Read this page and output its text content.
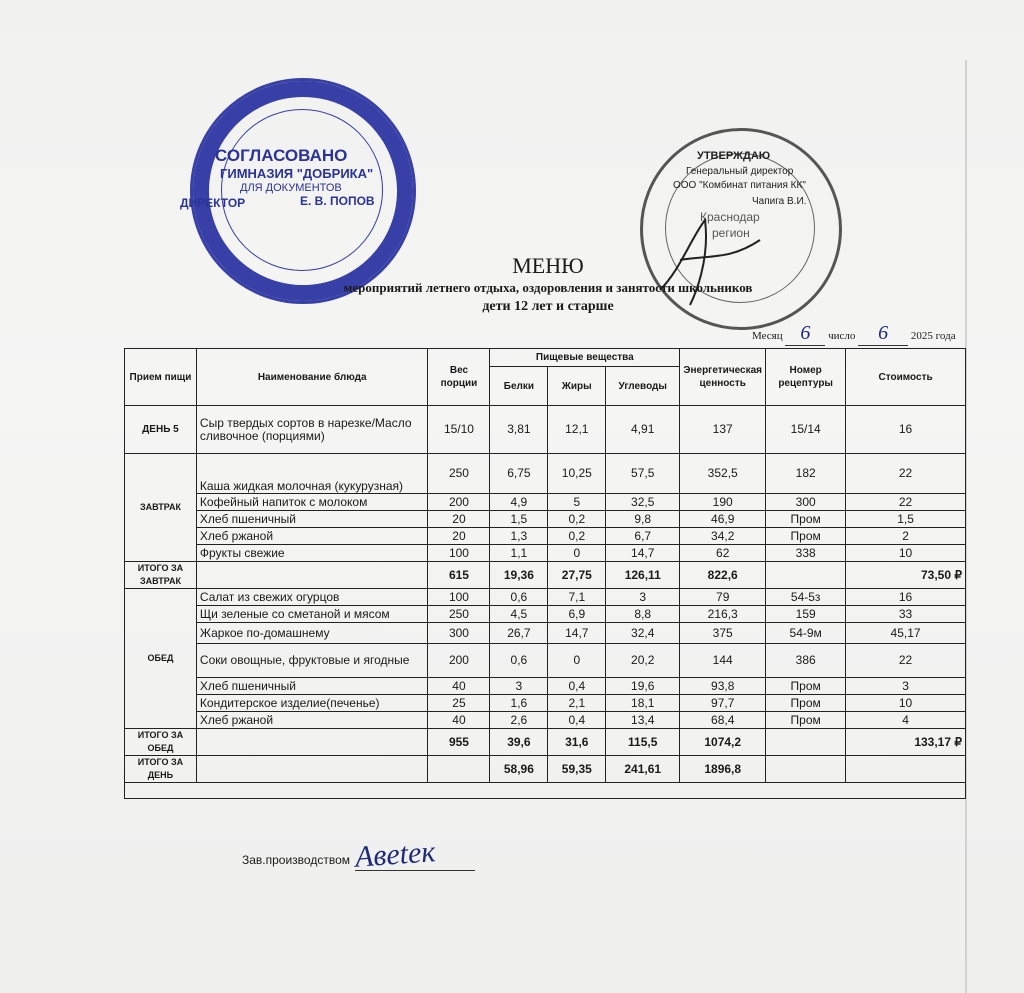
СОГЛАСОВАНО
ГИМНАЗИЯ "ДОБРИКА"
ДЛЯ ДОКУМЕНТОВ
ДИРЕКТОР	Е. В. ПОПОВ
УТВЕРЖДАЮ
Генеральный директор
ООО "Комбинат питания КК"
Чапига В.И.
Краснодар
регион
МЕНЮ
мероприятий летнего отдыха, оздоровления и занятости школьников
дети 12 лет и старше
Месяц 6 число 6 2025 года
Прием пищи	Наименование блюда	Вес порции	Пищевые вещества			Энергетическая ценность	Номер рецептуры	Стоимость
			Белки	Жиры	Углеводы			
ДЕНЬ 5	Сыр твердых сортов в нарезке/Масло сливочное (порциями)	15/10	3,81	12,1	4,91	137	15/14	16
ЗАВТРАК	Каша жидкая молочная (кукурузная)	250	6,75	10,25	57,5	352,5	182	22
	Кофейный напиток с молоком	200	4,9	5	32,5	190	300	22
	Хлеб пшеничный	20	1,5	0,2	9,8	46,9	Пром	1,5
	Хлеб ржаной	20	1,3	0,2	6,7	34,2	Пром	2
	Фрукты свежие	100	1,1	0	14,7	62	338	10
ИТОГО ЗА ЗАВТРАК		615	19,36	27,75	126,11	822,6		73,50 ₽
ОБЕД	Салат из свежих огурцов	100	0,6	7,1	3	79	54-5з	16
	Щи зеленые со сметаной и мясом	250	4,5	6,9	8,8	216,3	159	33
	Жаркое по-домашнему	300	26,7	14,7	32,4	375	54-9м	45,17
	Соки овощные, фруктовые и ягодные	200	0,6	0	20,2	144	386	22
	Хлеб пшеничный	40	3	0,4	19,6	93,8	Пром	3
	Кондитерское изделие(печенье)	25	1,6	2,1	18,1	97,7	Пром	10
	Хлеб ржаной	40	2,6	0,4	13,4	68,4	Пром	4
ИТОГО ЗА ОБЕД		955	39,6	31,6	115,5	1074,2		133,17 ₽
ИТОГО ЗА ДЕНЬ			58,96	59,35	241,61	1896,8		

Зав.производством Авеtек
